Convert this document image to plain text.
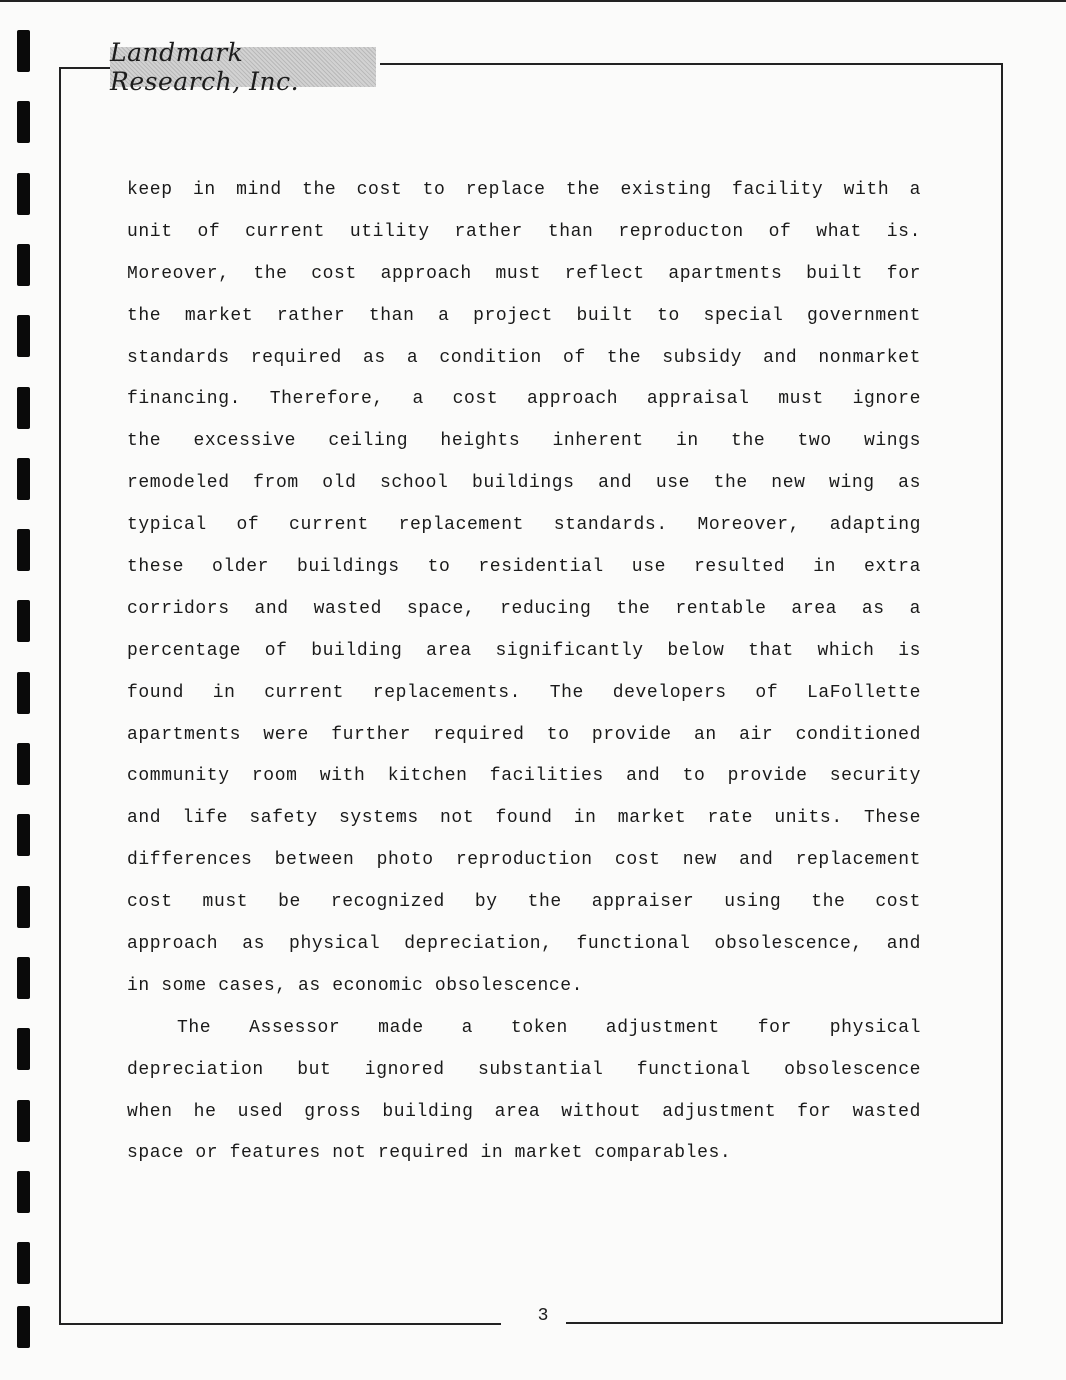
Landmark Research, Inc.
keep in mind the cost to replace the existing facility with a
unit of current utility rather than reproducton of what is.
Moreover, the cost approach must reflect apartments built for
the market rather than a project built to special government
standards required as a condition of the subsidy and nonmarket
financing. Therefore, a cost approach appraisal must ignore
the excessive ceiling heights inherent in the two wings
remodeled from old school buildings and use the new wing as
typical of current replacement standards. Moreover, adapting
these older buildings to residential use resulted in extra
corridors and wasted space, reducing the rentable area as a
percentage of building area significantly below that which is
found in current replacements. The developers of LaFollette
apartments were further required to provide an air conditioned
community room with kitchen facilities and to provide security
and life safety systems not found in market rate units. These
differences between photo reproduction cost new and replacement
cost must be recognized by the appraiser using the cost
approach as physical depreciation, functional obsolescence, and
in some cases, as economic obsolescence.
The Assessor made a token adjustment for physical
depreciation but ignored substantial functional obsolescence
when he used gross building area without adjustment for wasted
space or features not required in market comparables.
3
